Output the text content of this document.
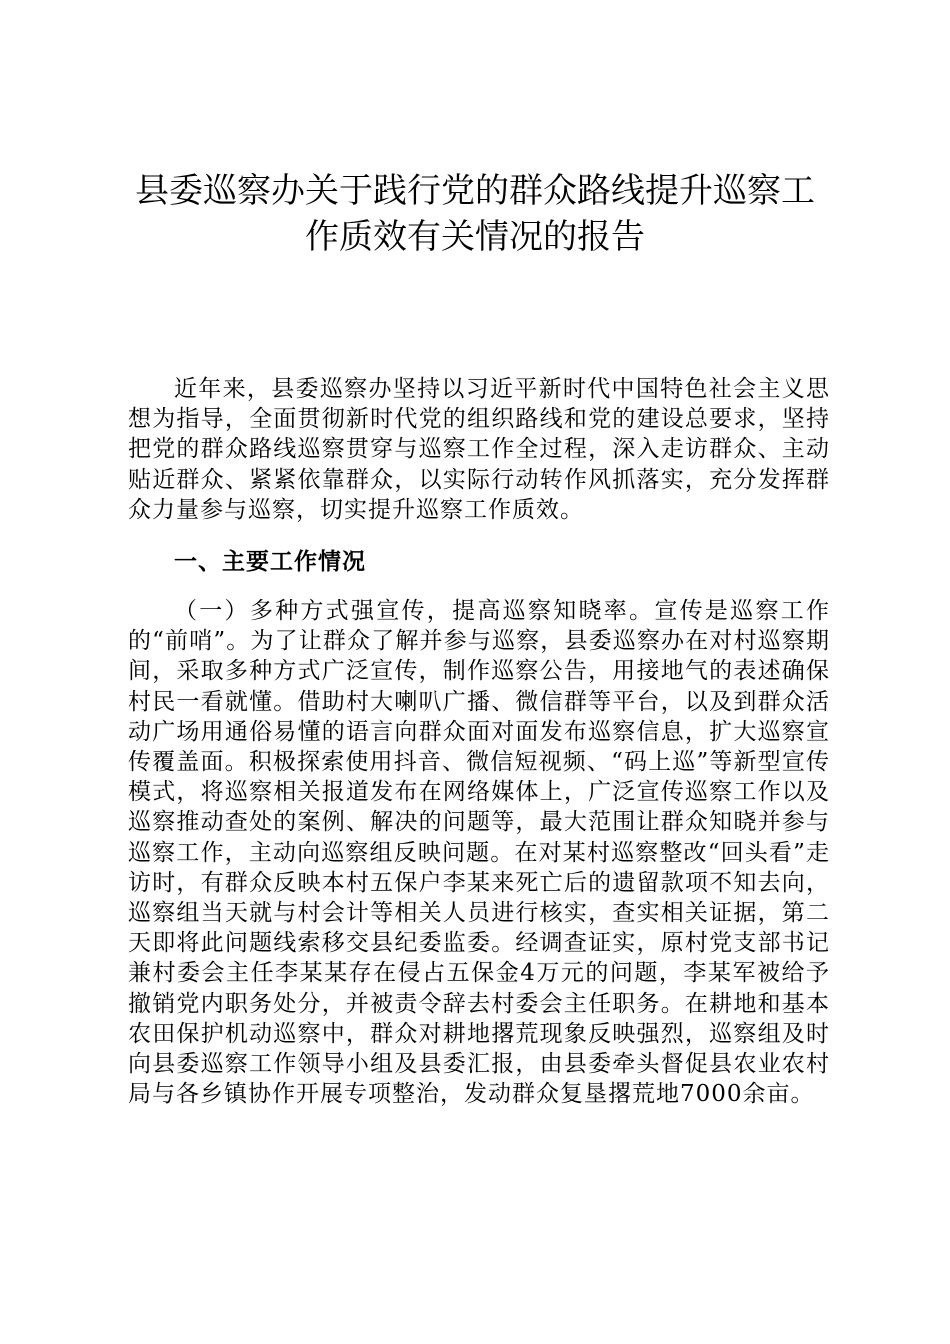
县委巡察办关于践行党的群众路线提升巡察工作质效有关情况的报告

近年来，县委巡察办坚持以习近平新时代中国特色社会主义思想为指导，全面贯彻新时代党的组织路线和党的建设总要求，坚持把党的群众路线巡察贯穿与巡察工作全过程，深入走访群众、主动贴近群众、紧紧依靠群众，以实际行动转作风抓落实，充分发挥群众力量参与巡察，切实提升巡察工作质效。

一、主要工作情况

（一）多种方式强宣传，提高巡察知晓率。宣传是巡察工作的“前哨”。为了让群众了解并参与巡察，县委巡察办在对村巡察期间，采取多种方式广泛宣传，制作巡察公告，用接地气的表述确保村民一看就懂。借助村大喇叭广播、微信群等平台，以及到群众活动广场用通俗易懂的语言向群众面对面发布巡察信息，扩大巡察宣传覆盖面。积极探索使用抖音、微信短视频、“码上巡”等新型宣传模式，将巡察相关报道发布在网络媒体上，广泛宣传巡察工作以及巡察推动查处的案例、解决的问题等，最大范围让群众知晓并参与巡察工作，主动向巡察组反映问题。在对某村巡察整改“回头看”走访时，有群众反映本村五保户李某来死亡后的遗留款项不知去向，巡察组当天就与村会计等相关人员进行核实，查实相关证据，第二天即将此问题线索移交县纪委监委。经调查证实，原村党支部书记兼村委会主任李某某存在侵占五保金4万元的问题，李某军被给予撤销党内职务处分，并被责令辞去村委会主任职务。在耕地和基本农田保护机动巡察中，群众对耕地撂荒现象反映强烈，巡察组及时向县委巡察工作领导小组及县委汇报，由县委牵头督促县农业农村局与各乡镇协作开展专项整治，发动群众复垦撂荒地7000余亩。
